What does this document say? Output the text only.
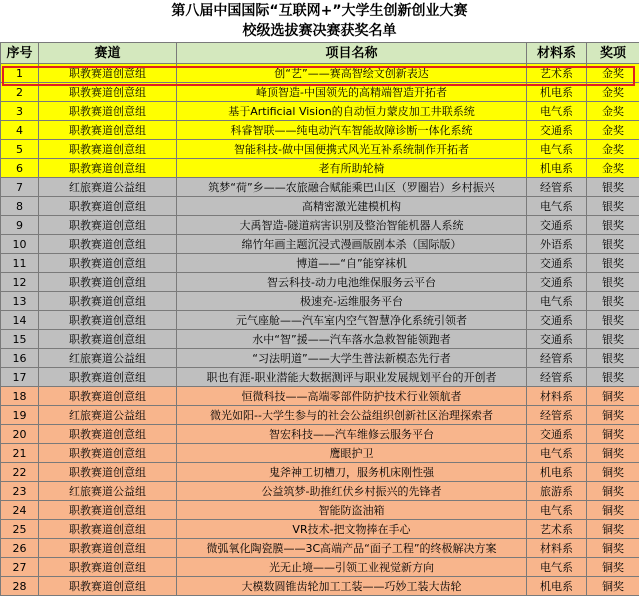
第八届中国国际“互联网+”大学生创新创业大赛
校级选拔赛决赛获奖名单
序号	赛道	项目名称	材料系	奖项
1	职教赛道创意组	创“艺”——赛高智绘文创新表达	艺术系	金奖
2	职教赛道创意组	峰顶智造-中国领先的高精端智造开拓者	机电系	金奖
3	职教赛道创意组	基于Artificial Vision的自动恒力蒙皮加工井联系统	电气系	金奖
4	职教赛道创意组	科睿智联——纯电动汽车智能故障诊断一体化系统	交通系	金奖
5	职教赛道创意组	智能科技-做中国便携式风光互补系统制作开拓者	电气系	金奖
6	职教赛道创意组	老有所助轮椅	机电系	金奖
7	红旅赛道公益组	筑梦“荷”乡——农旅融合赋能乘巴山区（罗圈岩）乡村振兴	经管系	银奖
8	职教赛道创意组	高精密激光建模机构	电气系	银奖
9	职教赛道创意组	大禹智造-隧道病害识别及整治智能机器人系统	交通系	银奖
10	职教赛道创意组	绵竹年画主题沉浸式漫画版剧本杀（国际版）	外语系	银奖
11	职教赛道创意组	博道——“自”能穿袜机	交通系	银奖
12	职教赛道创意组	智云科技-动力电池维保服务云平台	交通系	银奖
13	职教赛道创意组	极速充-运维服务平台	电气系	银奖
14	职教赛道创意组	元气座舱——汽车室内空气智慧净化系统引领者	交通系	银奖
15	职教赛道创意组	水中“智”援——汽车落水急救智能领跑者	交通系	银奖
16	红旅赛道公益组	“习法明道”——大学生普法新模态先行者	经管系	银奖
17	职教赛道创意组	职也有涯-职业潜能大数据测评与职业发展规划平台的开创者	经管系	银奖
18	职教赛道创意组	恒微科技——高端零部件防护技术行业领航者	材料系	铜奖
19	红旅赛道公益组	微光如阳--大学生参与的社会公益组织创新社区治理探索者	经管系	铜奖
20	职教赛道创意组	智宏科技——汽车维修云服务平台	交通系	铜奖
21	职教赛道创意组	鹰眼护卫	电气系	铜奖
22	职教赛道创意组	鬼斧神工切槽刀，服务机床刚性强	机电系	铜奖
23	红旅赛道公益组	公益筑梦-助推红伏乡村振兴的先锋者	旅游系	铜奖
24	职教赛道创意组	智能防盗油箱	电气系	铜奖
25	职教赛道创意组	VR技术-把文物捧在手心	艺术系	铜奖
26	职教赛道创意组	微弧氧化陶瓷膜——3C高端产品“面子工程”的终极解决方案	材料系	铜奖
27	职教赛道创意组	光无止境——引领工业视觉新方向	电气系	铜奖
28	职教赛道创意组	大模数圆锥齿轮加工工装——巧妙工装大齿轮	机电系	铜奖
